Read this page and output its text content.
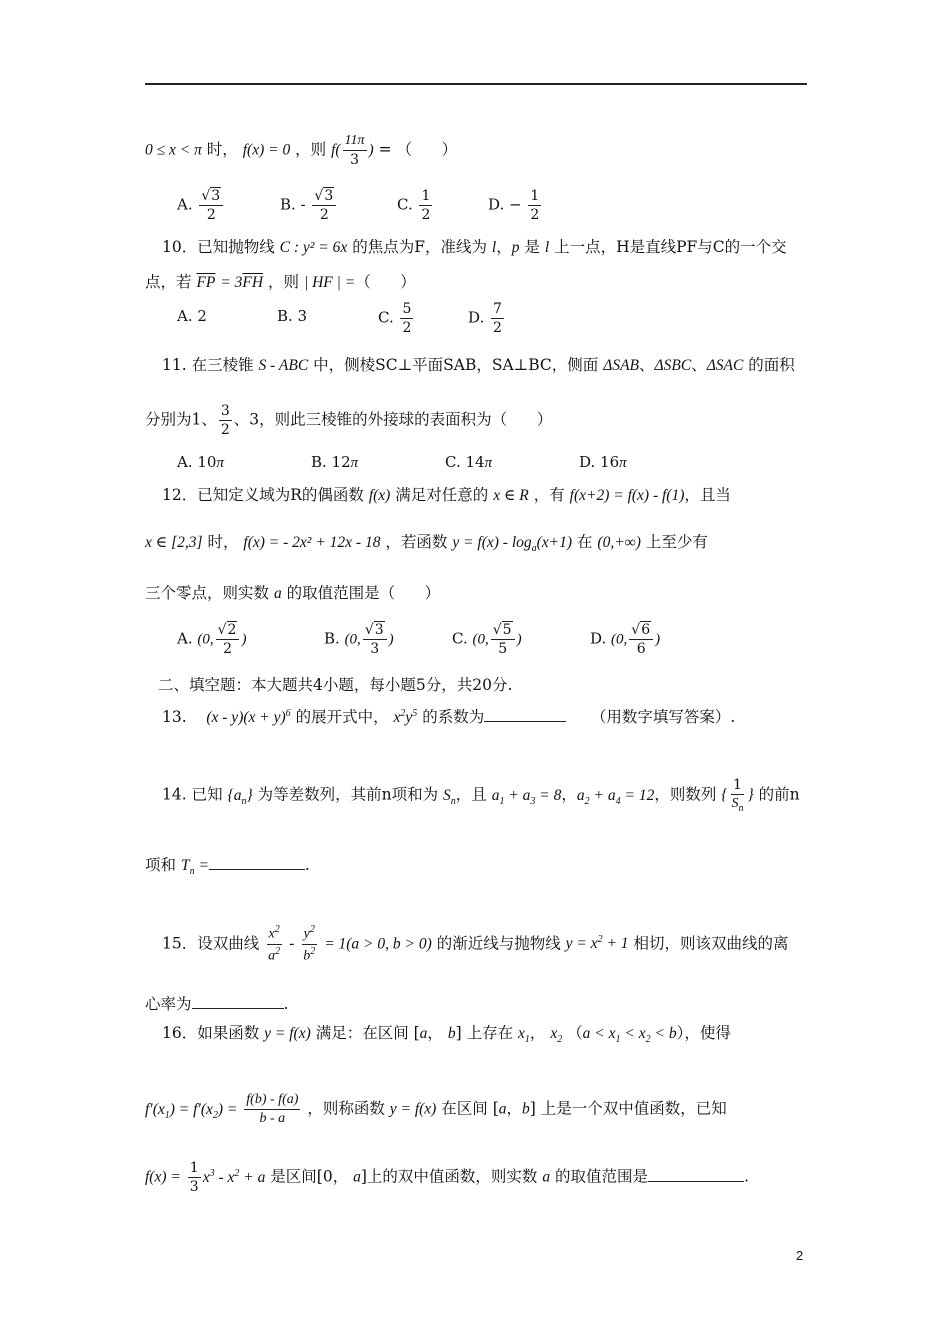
0 ≤ x < π 时， f(x) = 0 ，则 $f( \frac{11\pi}{3}$ ) = （      ）
A. $\frac{√3}{2}$	B. - $\frac{√3}{2}$	C. $\frac{1}{2}$	D. − $\frac{1}{2}$
10．已知抛物线 C : y² = 6x 的焦点为F，准线为 l，p 是 l 上一点，H是直线PF与C的一个交
点，若 $\overline{FP} = 3\overline{FH}$ ，则 | HF | =（      ）
A. 2	B. 3	C. $\frac{5}{2}$	D. $\frac{7}{2}$
11. 在三棱锥 S - ABC 中，侧棱SC⊥平面SAB，SA⊥BC，侧面 ΔSAB、ΔSBC、ΔSAC 的面积
分别为1、 $\frac{3}{2}$ 、3，则此三棱锥的外接球的表面积为（      ）
A. 10π	B. 12π	C. 14π	D. 16π
12．已知定义域为R的偶函数 f(x) 满足对任意的 x ∈ R ，有 f(x+2) = f(x) - f(1)，且当
x ∈ [2,3] 时， f(x) = - 2x² + 12x - 18 ，若函数 $y = f(x) - \log_a(x+1)$ 在 (0,+∞) 上至少有
三个零点，则实数 a 的取值范围是（      ）
A. (0, $\frac{√2}{2}$ )	B. (0, $\frac{√3}{3}$ )	C. (0, $\frac{√5}{5}$ )	D. (0, $\frac{√6}{6}$ )
二、填空题：本大题共4小题，每小题5分，共20分.
13.    $(x - y)(x + y)^6$ 的展开式中， $x^2y^5$ 的系数为	（用数字填写答案）.
14. 已知 $\{a_n\}$ 为等差数列，其前n项和为 $S_n$，且 $a_1 + a_3 = 8$，$a_2 + a_4 = 12$，则数列 { $\frac{1}{S_n}$ } 的前n
项和 $T_n$ =	.
15．设双曲线 $\frac{x^2}{a^2} - \frac{y^2}{b^2} = 1(a > 0$, b > 0) 的渐近线与抛物线 $y = x^2 + 1$ 相切，则该双曲线的离
心率为	.
16．如果函数 y = f(x) 满足：在区间 [a， b] 上存在 $x_1$， $x_2$ $(a < x_1 < x_2 < b)$，使得
$f'(x_1) = f'(x_2) = \frac{f(b) - f(a)}{b - a}$ ，则称函数 y = f(x) 在区间 [a，b] 上是一个双中值函数，已知
$f(x) = \frac{1}{3} x^3 - x^2 + a$ 是区间[0， a]上的双中值函数，则实数 a 的取值范围是	.
2
